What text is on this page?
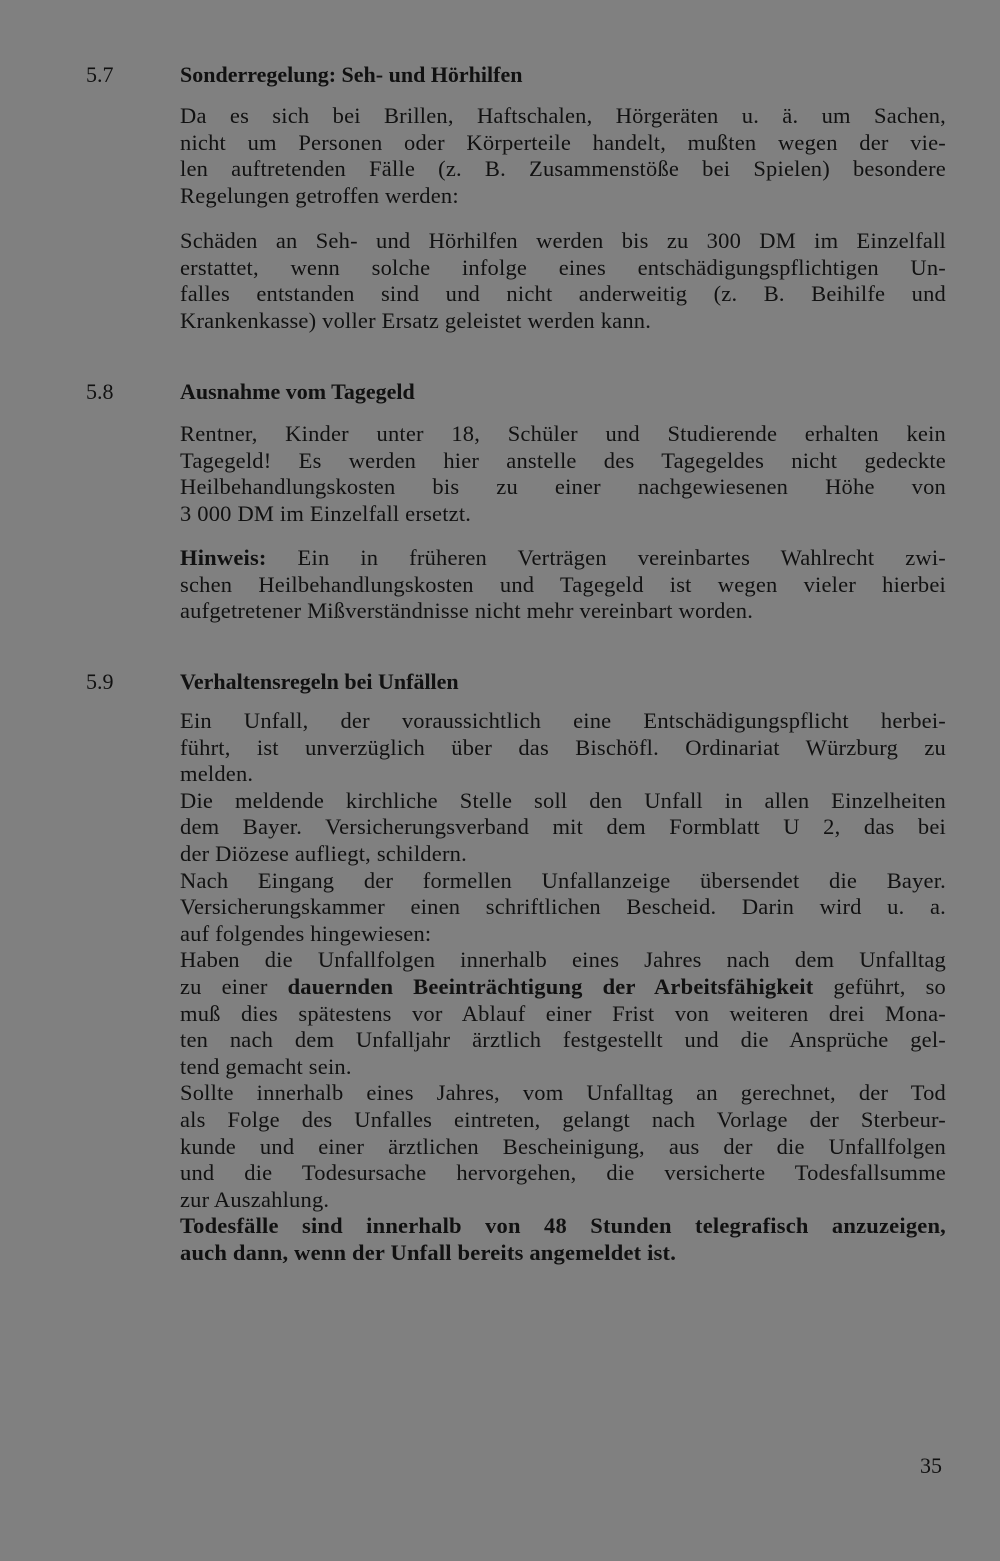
5.7	Sonderregelung: Seh- und Hörhilfen
Da es sich bei Brillen, Haftschalen, Hörgeräten u. ä. um Sachen,
nicht um Personen oder Körperteile handelt, mußten wegen der vie-
len auftretenden Fälle (z. B. Zusammenstöße bei Spielen) besondere
Regelungen getroffen werden:
Schäden an Seh- und Hörhilfen werden bis zu 300 DM im Einzelfall
erstattet, wenn solche infolge eines entschädigungspflichtigen Un-
falles entstanden sind und nicht anderweitig (z. B. Beihilfe und
Krankenkasse) voller Ersatz geleistet werden kann.
5.8	Ausnahme vom Tagegeld
Rentner, Kinder unter 18, Schüler und Studierende erhalten kein
Tagegeld! Es werden hier anstelle des Tagegeldes nicht gedeckte
Heilbehandlungskosten bis zu einer nachgewiesenen Höhe von
3 000 DM im Einzelfall ersetzt.
Hinweis: Ein in früheren Verträgen vereinbartes Wahlrecht zwi-
schen Heilbehandlungskosten und Tagegeld ist wegen vieler hierbei
aufgetretener Mißverständnisse nicht mehr vereinbart worden.
5.9	Verhaltensregeln bei Unfällen
Ein Unfall, der voraussichtlich eine Entschädigungspflicht herbei-
führt, ist unverzüglich über das Bischöfl. Ordinariat Würzburg zu
melden.
Die meldende kirchliche Stelle soll den Unfall in allen Einzelheiten
dem Bayer. Versicherungsverband mit dem Formblatt U 2, das bei
der Diözese aufliegt, schildern.
Nach Eingang der formellen Unfallanzeige übersendet die Bayer.
Versicherungskammer einen schriftlichen Bescheid. Darin wird u. a.
auf folgendes hingewiesen:
Haben die Unfallfolgen innerhalb eines Jahres nach dem Unfalltag
zu einer dauernden Beeinträchtigung der Arbeitsfähigkeit geführt, so
muß dies spätestens vor Ablauf einer Frist von weiteren drei Mona-
ten nach dem Unfalljahr ärztlich festgestellt und die Ansprüche gel-
tend gemacht sein.
Sollte innerhalb eines Jahres, vom Unfalltag an gerechnet, der Tod
als Folge des Unfalles eintreten, gelangt nach Vorlage der Sterbeur-
kunde und einer ärztlichen Bescheinigung, aus der die Unfallfolgen
und die Todesursache hervorgehen, die versicherte Todesfallsumme
zur Auszahlung.
Todesfälle sind innerhalb von 48 Stunden telegrafisch anzuzeigen,
auch dann, wenn der Unfall bereits angemeldet ist.
35
